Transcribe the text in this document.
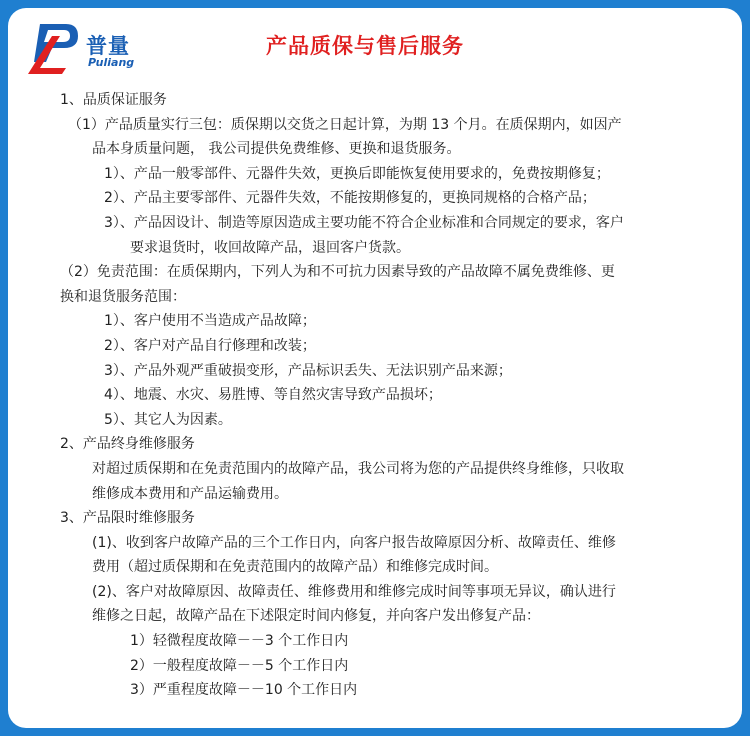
普量
Puliang
产品质保与售后服务
1、品质保证服务
（1）产品质量实行三包：质保期以交货之日起计算，为期 13 个月。在质保期内，如因产
品本身质量问题， 我公司提供免费维修、更换和退货服务。
1）、产品一般零部件、元器件失效，更换后即能恢复使用要求的，免费按期修复；
2）、产品主要零部件、元器件失效，不能按期修复的，更换同规格的合格产品；
3）、产品因设计、制造等原因造成主要功能不符合企业标准和合同规定的要求，客户
要求退货时，收回故障产品，退回客户货款。
（2）免责范围：在质保期内，下列人为和不可抗力因素导致的产品故障不属免费维修、更
换和退货服务范围：
1）、客户使用不当造成产品故障；
2）、客户对产品自行修理和改装；
3）、产品外观严重破损变形，产品标识丢失、无法识别产品来源；
4）、地震、水灾、易胜博、等自然灾害导致产品损坏；
5）、其它人为因素。
2、产品终身维修服务
对超过质保期和在免责范围内的故障产品，我公司将为您的产品提供终身维修，只收取
维修成本费用和产品运输费用。
3、产品限时维修服务
(1)、收到客户故障产品的三个工作日内，向客户报告故障原因分析、故障责任、维修
费用（超过质保期和在免责范围内的故障产品）和维修完成时间。
(2)、客户对故障原因、故障责任、维修费用和维修完成时间等事项无异议，确认进行
维修之日起，故障产品在下述限定时间内修复，并向客户发出修复产品：
1）轻微程度故障－－3 个工作日内
2）一般程度故障－－5 个工作日内
3）严重程度故障－－10 个工作日内
